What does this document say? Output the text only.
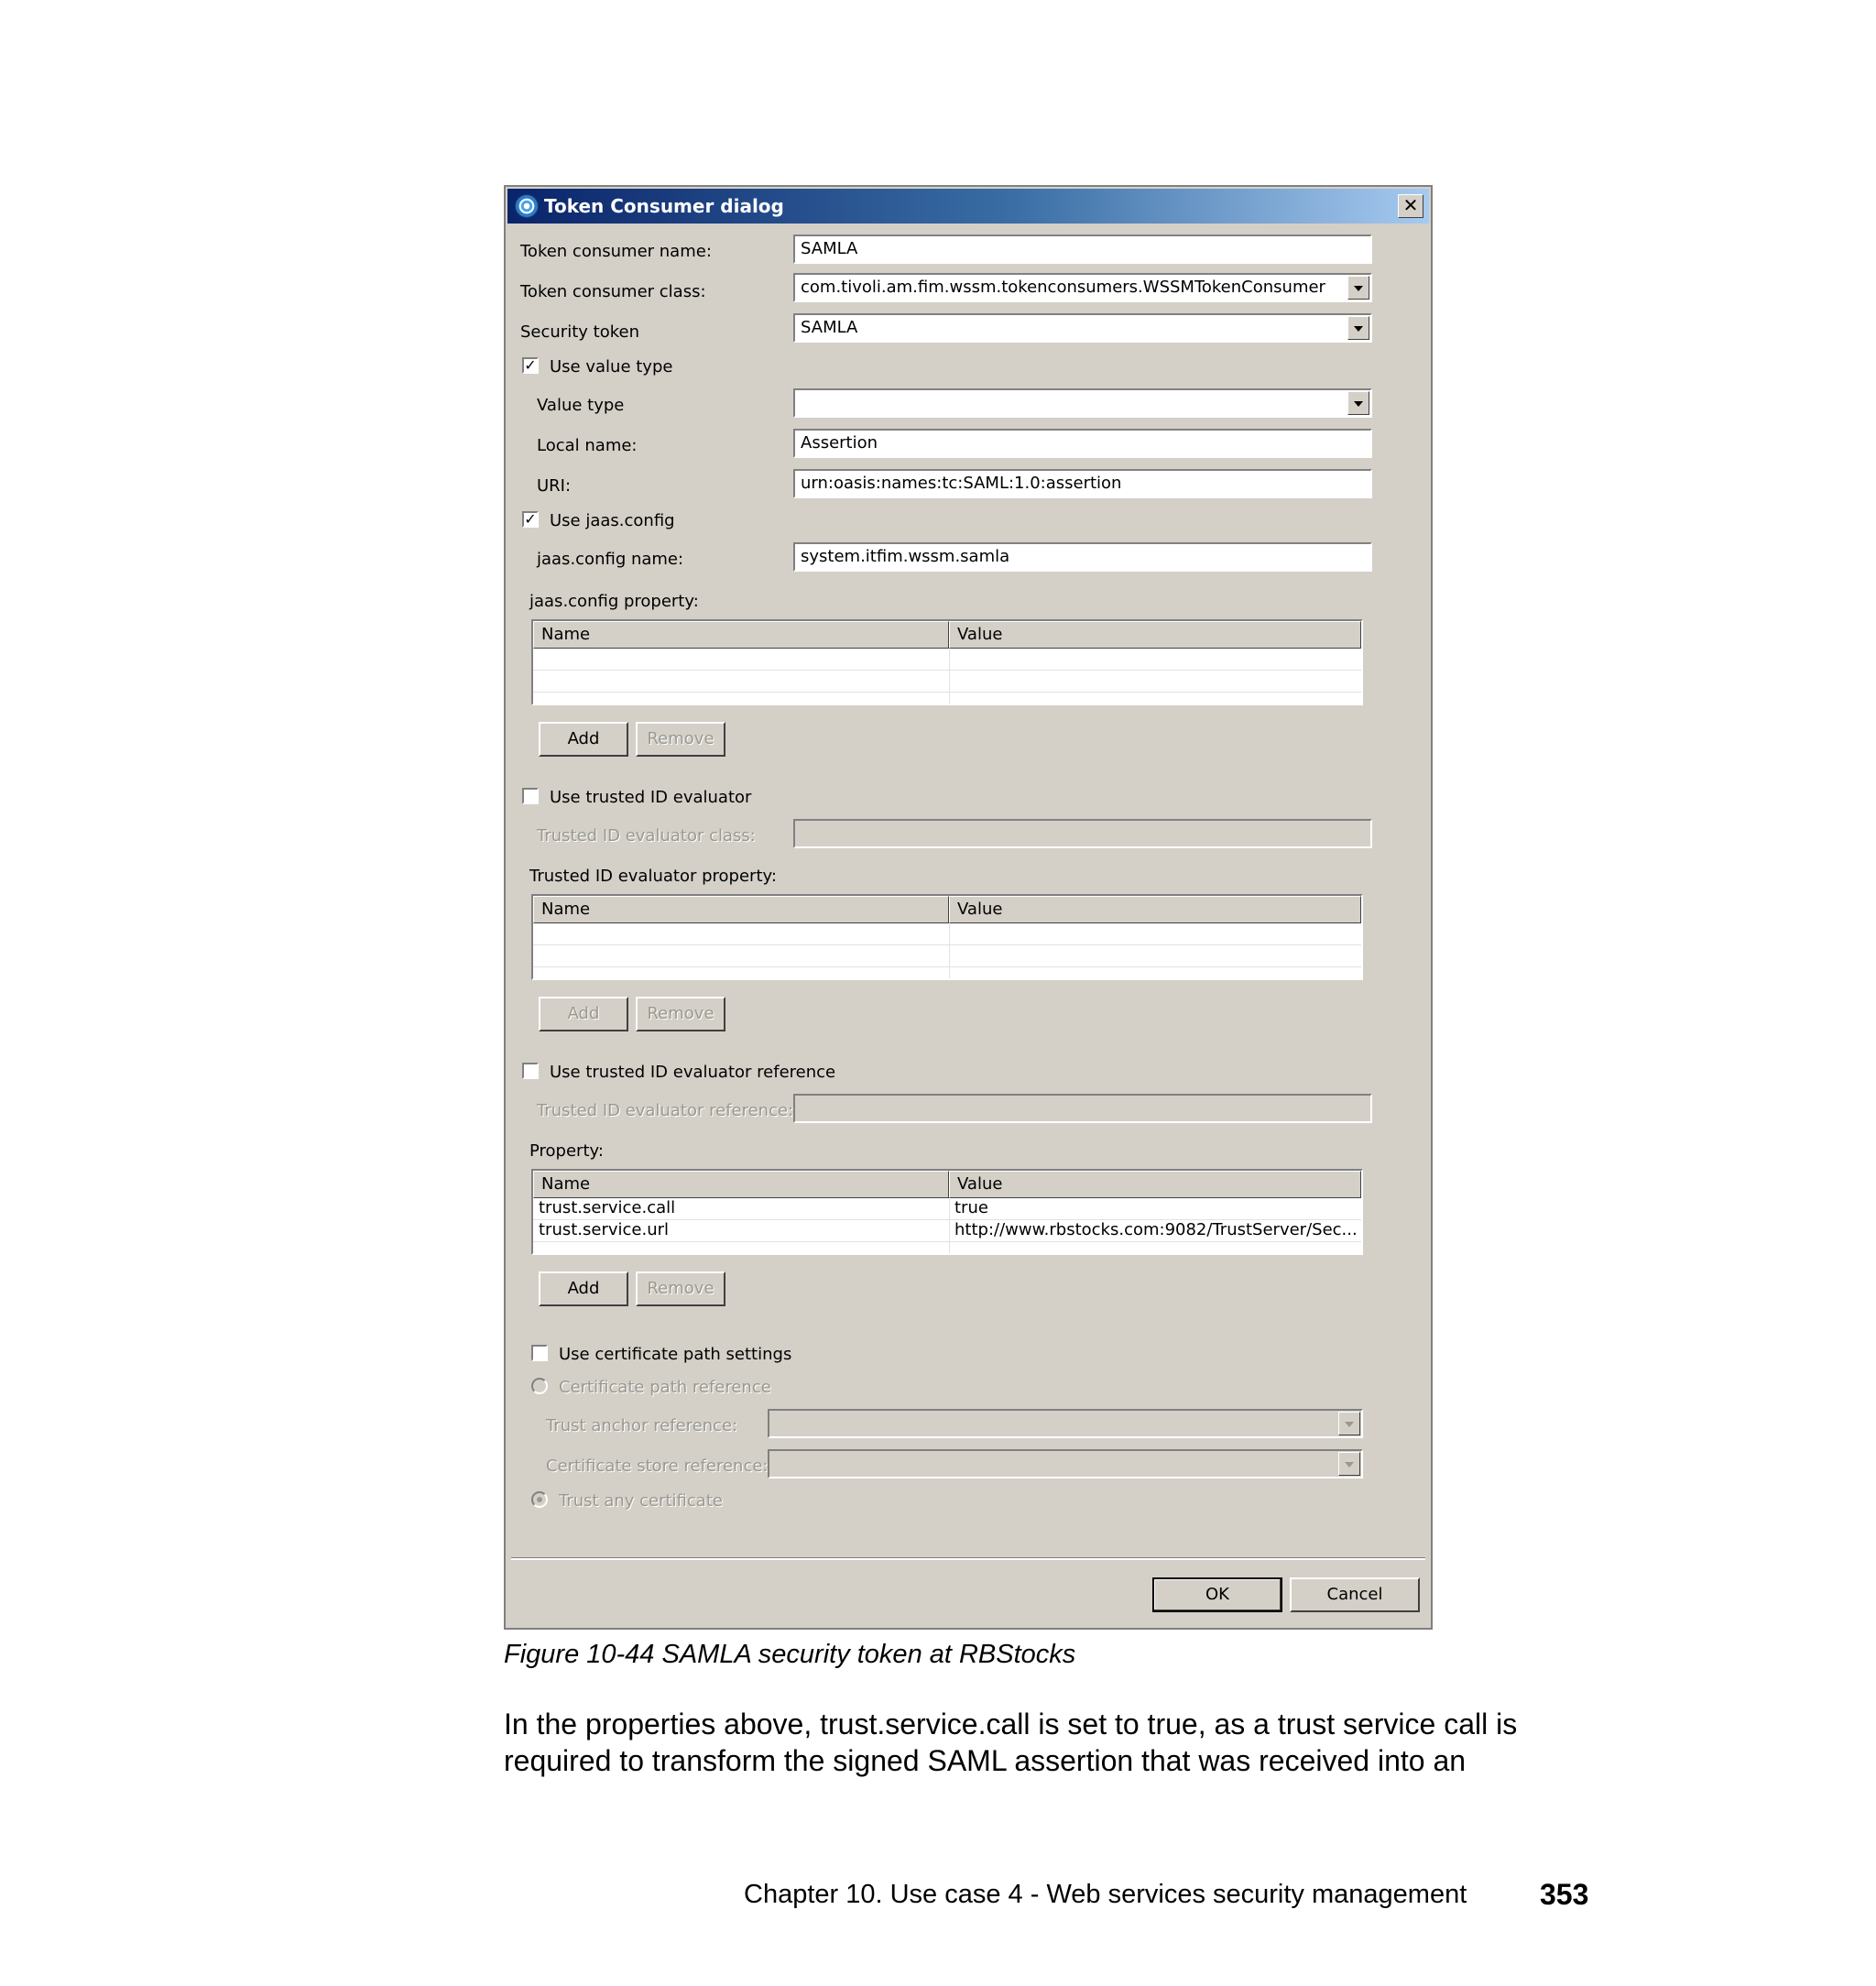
Token Consumer dialog	✕
Token consumer name:	SAMLA
Token consumer class:	com.tivoli.am.fim.wssm.tokenconsumers.WSSMTokenConsumer
Security token	SAMLA
✓ Use value type
Value type
Local name:	Assertion
URI:	urn:oasis:names:tc:SAML:1.0:assertion
✓ Use jaas.config
jaas.config name:	system.itfim.wssm.samla
jaas.config property:
Name	Value
Add	Remove
Use trusted ID evaluator
Trusted ID evaluator class:
Trusted ID evaluator property:
Name	Value
Add	Remove
Use trusted ID evaluator reference
Trusted ID evaluator reference:
Property:
Name	Value
trust.service.call	true
trust.service.url	http://www.rbstocks.com:9082/TrustServer/Sec...
Add	Remove
Use certificate path settings
Certificate path reference
Trust anchor reference:
Certificate store reference:
Trust any certificate
OK	Cancel
Figure 10-44 SAMLA security token at RBStocks
In the properties above, trust.service.call is set to true, as a trust service call is
required to transform the signed SAML assertion that was received into an
Chapter 10. Use case 4 - Web services security management 353
